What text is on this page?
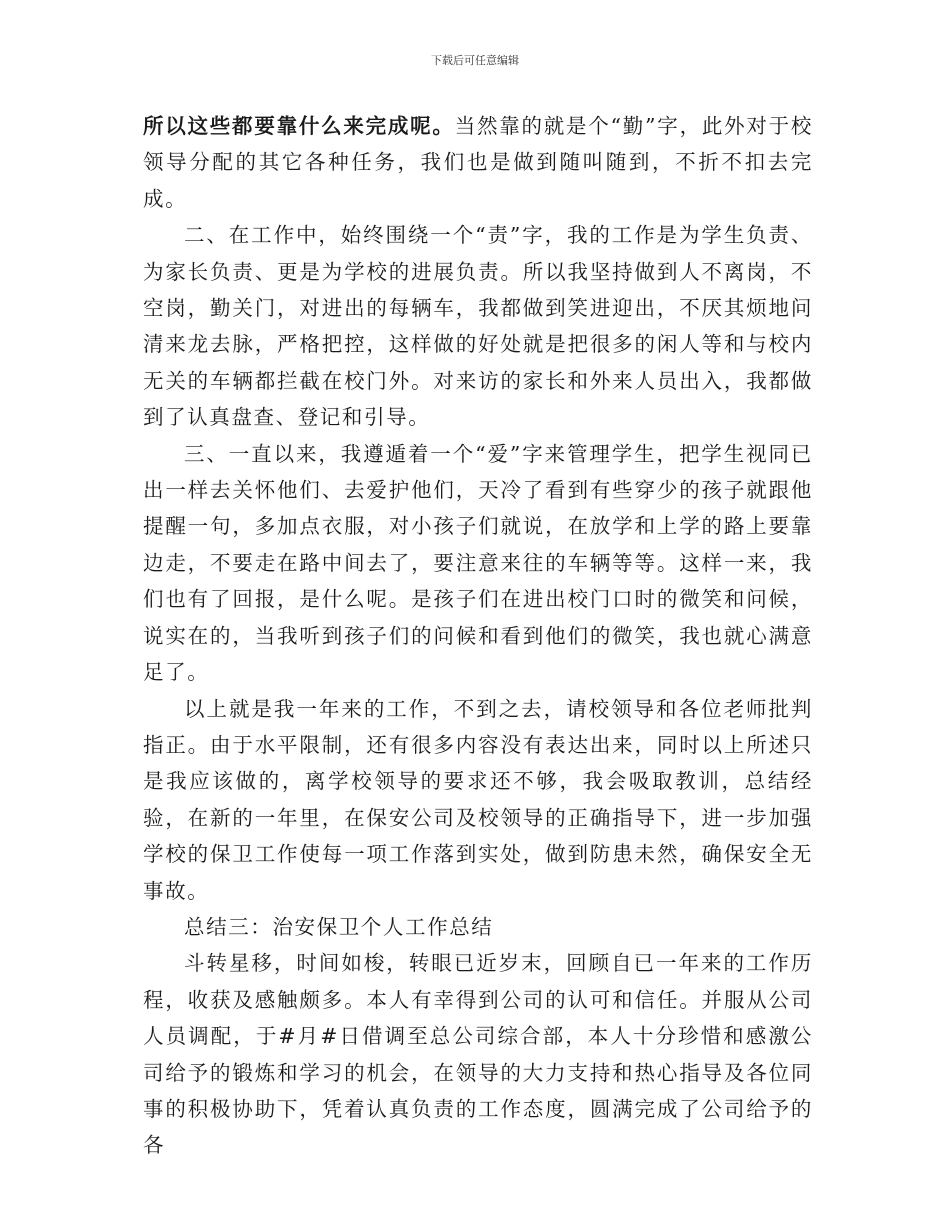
下载后可任意编辑

所以这些都要靠什么来完成呢。当然靠的就是个“勤”字，此外对于校领导分配的其它各种任务，我们也是做到随叫随到，不折不扣去完成。

二、在工作中，始终围绕一个“责”字，我的工作是为学生负责、为家长负责、更是为学校的进展负责。所以我坚持做到人不离岗，不空岗，勤关门，对进出的每辆车，我都做到笑进迎出，不厌其烦地问清来龙去脉，严格把控，这样做的好处就是把很多的闲人等和与校内无关的车辆都拦截在校门外。对来访的家长和外来人员出入，我都做到了认真盘查、登记和引导。

三、一直以来，我遵遁着一个“爱”字来管理学生，把学生视同已出一样去关怀他们、去爱护他们，天冷了看到有些穿少的孩子就跟他提醒一句，多加点衣服，对小孩子们就说，在放学和上学的路上要靠边走，不要走在路中间去了，要注意来往的车辆等等。这样一来，我们也有了回报，是什么呢。是孩子们在进出校门口时的微笑和问候，说实在的，当我听到孩子们的问候和看到他们的微笑，我也就心满意足了。

以上就是我一年来的工作，不到之去，请校领导和各位老师批判指正。由于水平限制，还有很多内容没有表达出来，同时以上所述只是我应该做的，离学校领导的要求还不够，我会吸取教训，总结经验，在新的一年里，在保安公司及校领导的正确指导下，进一步加强学校的保卫工作使每一项工作落到实处，做到防患未然，确保安全无事故。

总结三：治安保卫个人工作总结

斗转星移，时间如梭，转眼已近岁末，回顾自已一年来的工作历程，收获及感触颇多。本人有幸得到公司的认可和信任。并服从公司人员调配，于#月#日借调至总公司综合部，本人十分珍惜和感激公司给予的锻炼和学习的机会，在领导的大力支持和热心指导及各位同事的积极协助下，凭着认真负责的工作态度，圆满完成了公司给予的各
